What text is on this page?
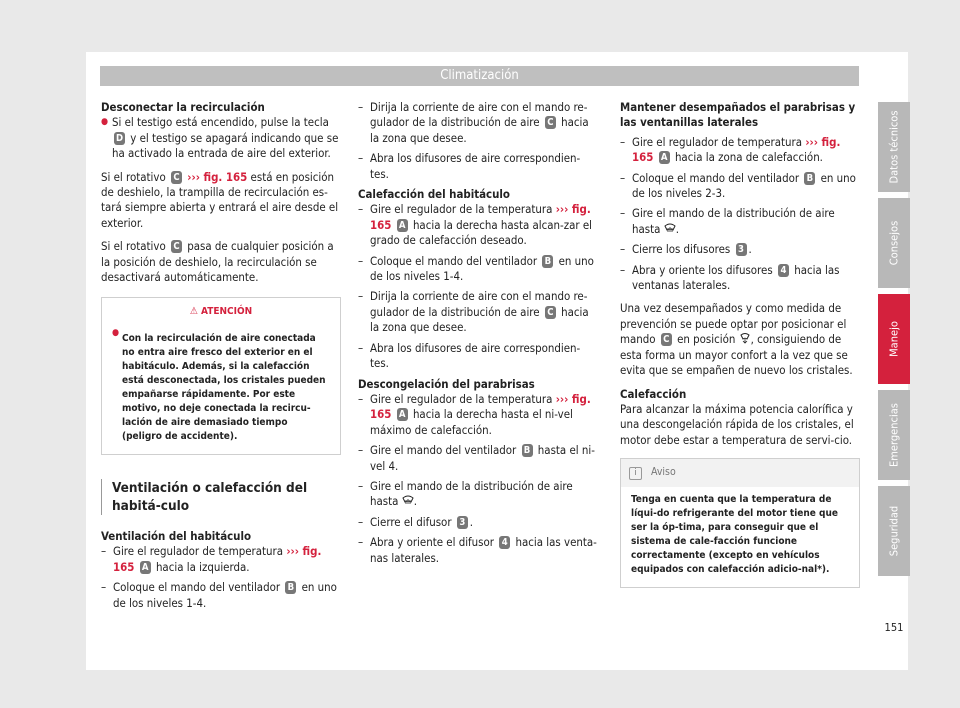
Climatización

Desconectar la recirculación

● Si el testigo está encendido, pulse la tecla D y el testigo se apagará indicando que se ha activado la entrada de aire del exterior.

Si el rotativo C ››› fig. 165 está en posición de deshielo, la trampilla de recirculación es-tará siempre abierta y entrará el aire desde el exterior.

Si el rotativo C pasa de cualquier posición a la posición de deshielo, la recirculación se desactivará automáticamente.

⚠ ATENCIÓN
● Con la recirculación de aire conectada no entra aire fresco del exterior en el habitáculo. Además, si la calefacción está desconectada, los cristales pueden empañarse rápidamente. Por este motivo, no deje conectada la recircu-lación de aire demasiado tiempo (peligro de accidente).
Ventilación o calefacción del habitá-culo

Ventilación del habitáculo

– Gire el regulador de temperatura ››› fig. 165 A hacia la izquierda.
– Coloque el mando del ventilador B en uno de los niveles 1-4.
– Dirija la corriente de aire con el mando re-gulador de la distribución de aire C hacia la zona que desee.
– Abra los difusores de aire correspondien-tes.

Calefacción del habitáculo

– Gire el regulador de la temperatura ››› fig. 165 A hacia la derecha hasta alcan-zar el grado de calefacción deseado.
– Coloque el mando del ventilador B en uno de los niveles 1-4.
– Dirija la corriente de aire con el mando re-gulador de la distribución de aire C hacia la zona que desee.
– Abra los difusores de aire correspondien-tes.

Descongelación del parabrisas

– Gire el regulador de la temperatura ››› fig. 165 A hacia la derecha hasta el ni-vel máximo de calefacción.
– Gire el mando del ventilador B hasta el ni-vel 4.
– Gire el mando de la distribución de aire hasta .
– Cierre el difusor 3 .
– Abra y oriente el difusor 4 hacia las venta-nas laterales.

Mantener desempañados el parabrisas y las ventanillas laterales

– Gire el regulador de temperatura ››› fig. 165 A hacia la zona de calefacción.
– Coloque el mando del ventilador B en uno de los niveles 2-3.
– Gire el mando de la distribución de aire hasta .
– Cierre los difusores 3 .
– Abra y oriente los difusores 4 hacia las ventanas laterales.

Una vez desempañados y como medida de prevención se puede optar por posicionar el mando C en posición , consiguiendo de esta forma un mayor confort a la vez que se evita que se empañen de nuevo los cristales.

Calefacción

Para alcanzar la máxima potencia calorífica y una descongelación rápida de los cristales, el motor debe estar a temperatura de servi-cio.

i Aviso
Tenga en cuenta que la temperatura de líqui-do refrigerante del motor tiene que ser la óp-tima, para conseguir que el sistema de cale-facción funcione correctamente (excepto en vehículos equipados con calefacción adicio-nal*).
Datos técnicos
Consejos
Manejo
Emergencias
Seguridad
151
